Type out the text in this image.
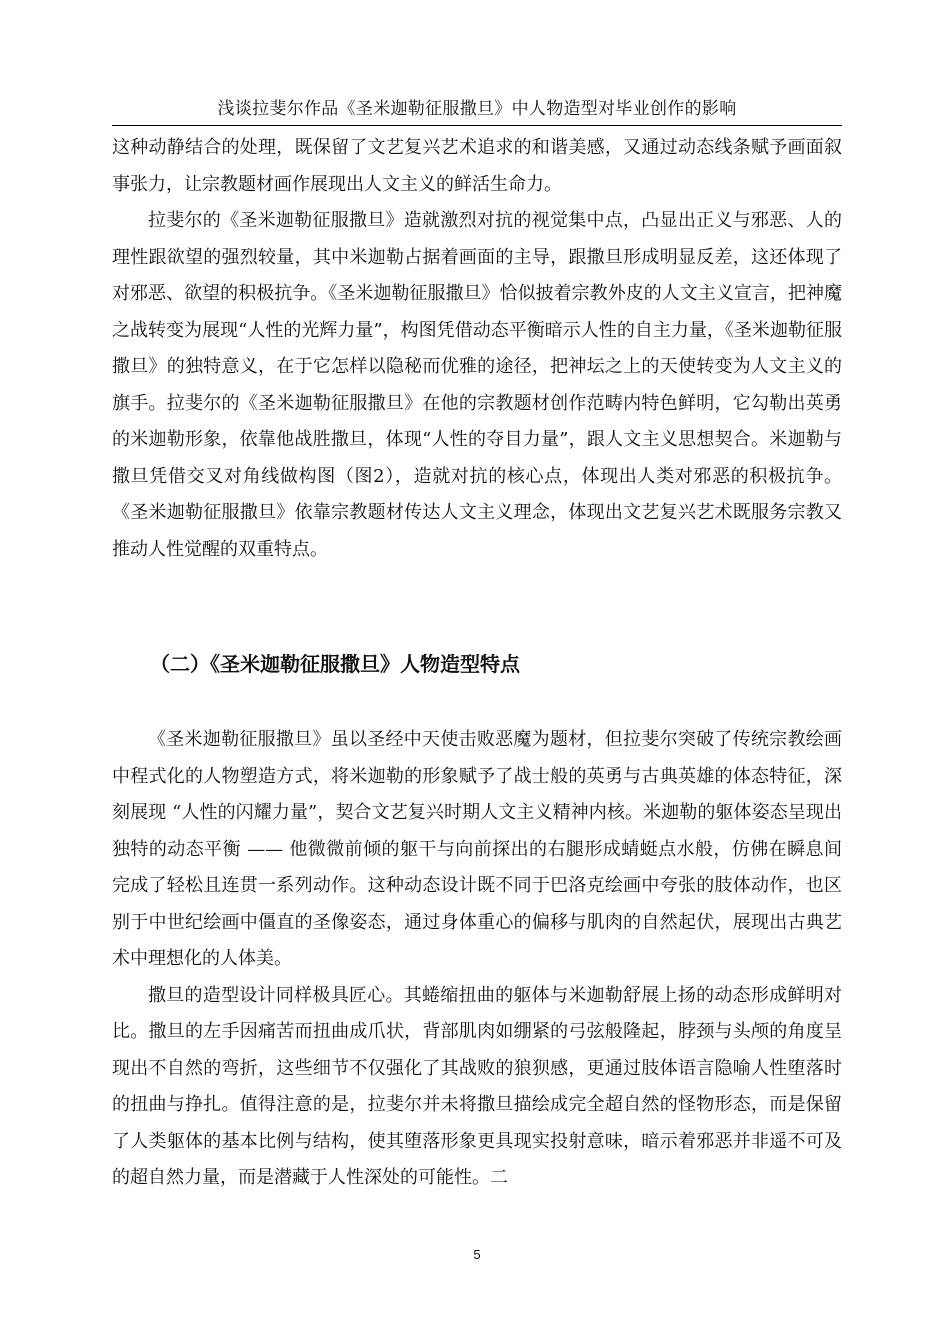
浅谈拉斐尔作品《圣米迦勒征服撒旦》中人物造型对毕业创作的影响

这种动静结合的处理，既保留了文艺复兴艺术追求的和谐美感，又通过动态线条赋予画面叙事张力，让宗教题材画作展现出人文主义的鲜活生命力。

拉斐尔的《圣米迦勒征服撒旦》造就激烈对抗的视觉集中点，凸显出正义与邪恶、人的理性跟欲望的强烈较量，其中米迦勒占据着画面的主导，跟撒旦形成明显反差，这还体现了对邪恶、欲望的积极抗争。《圣米迦勒征服撒旦》恰似披着宗教外皮的人文主义宣言，把神魔之战转变为展现“人性的光辉力量”，构图凭借动态平衡暗示人性的自主力量，《圣米迦勒征服撒旦》的独特意义，在于它怎样以隐秘而优雅的途径，把神坛之上的天使转变为人文主义的旗手。拉斐尔的《圣米迦勒征服撒旦》在他的宗教题材创作范畴内特色鲜明，它勾勒出英勇的米迦勒形象，依靠他战胜撒旦，体现“人性的夺目力量”，跟人文主义思想契合。米迦勒与撒旦凭借交叉对角线做构图（图2），造就对抗的核心点，体现出人类对邪恶的积极抗争。《圣米迦勒征服撒旦》依靠宗教题材传达人文主义理念，体现出文艺复兴艺术既服务宗教又推动人性觉醒的双重特点。

（二）《圣米迦勒征服撒旦》人物造型特点

《圣米迦勒征服撒旦》虽以圣经中天使击败恶魔为题材，但拉斐尔突破了传统宗教绘画中程式化的人物塑造方式，将米迦勒的形象赋予了战士般的英勇与古典英雄的体态特征，深刻展现 “人性的闪耀力量”，契合文艺复兴时期人文主义精神内核。米迦勒的躯体姿态呈现出独特的动态平衡 —— 他微微前倾的躯干与向前探出的右腿形成蜻蜓点水般，仿佛在瞬息间完成了轻松且连贯一系列动作。这种动态设计既不同于巴洛克绘画中夸张的肢体动作，也区别于中世纪绘画中僵直的圣像姿态，通过身体重心的偏移与肌肉的自然起伏，展现出古典艺术中理想化的人体美。

撒旦的造型设计同样极具匠心。其蜷缩扭曲的躯体与米迦勒舒展上扬的动态形成鲜明对比。撒旦的左手因痛苦而扭曲成爪状，背部肌肉如绷紧的弓弦般隆起，脖颈与头颅的角度呈现出不自然的弯折，这些细节不仅强化了其战败的狼狈感，更通过肢体语言隐喻人性堕落时的扭曲与挣扎。值得注意的是，拉斐尔并未将撒旦描绘成完全超自然的怪物形态，而是保留了人类躯体的基本比例与结构，使其堕落形象更具现实投射意味，暗示着邪恶并非遥不可及的超自然力量，而是潜藏于人性深处的可能性。二

5
